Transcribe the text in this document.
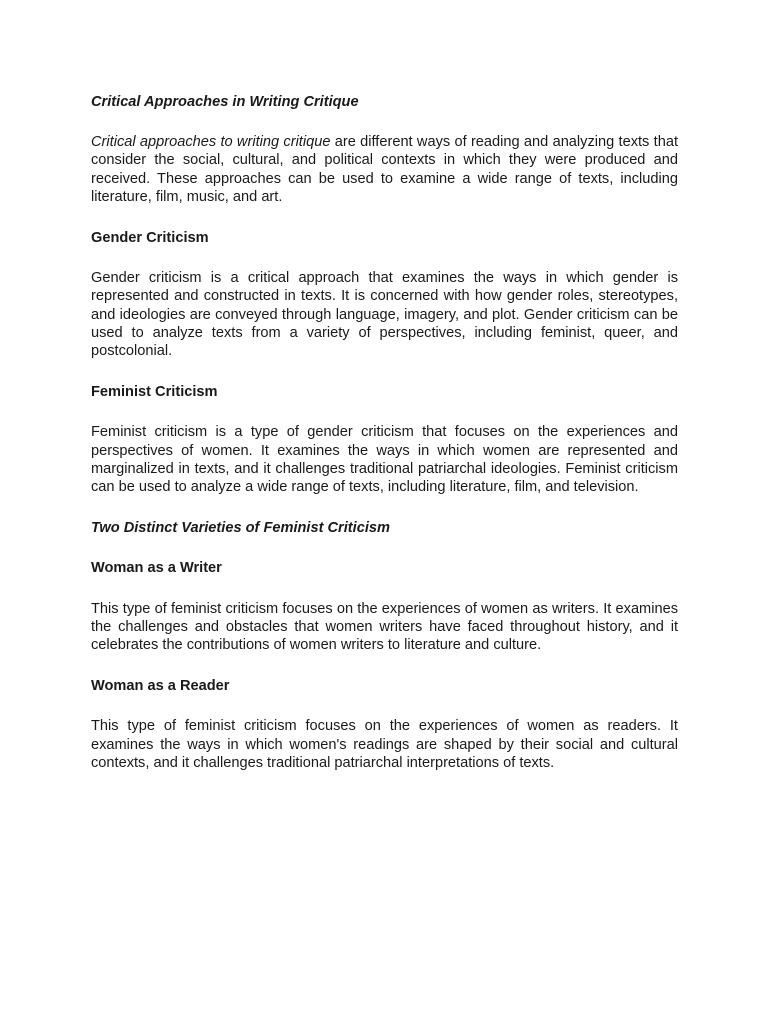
Critical Approaches in Writing Critique

Critical approaches to writing critique are different ways of reading and analyzing texts that consider the social, cultural, and political contexts in which they were produced and received. These approaches can be used to examine a wide range of texts, including literature, film, music, and art.

Gender Criticism

Gender criticism is a critical approach that examines the ways in which gender is represented and constructed in texts. It is concerned with how gender roles, stereotypes, and ideologies are conveyed through language, imagery, and plot. Gender criticism can be used to analyze texts from a variety of perspectives, including feminist, queer, and postcolonial.

Feminist Criticism

Feminist criticism is a type of gender criticism that focuses on the experiences and perspectives of women. It examines the ways in which women are represented and marginalized in texts, and it challenges traditional patriarchal ideologies. Feminist criticism can be used to analyze a wide range of texts, including literature, film, and television.

Two Distinct Varieties of Feminist Criticism
Woman as a Writer

This type of feminist criticism focuses on the experiences of women as writers. It examines the challenges and obstacles that women writers have faced throughout history, and it celebrates the contributions of women writers to literature and culture.

Woman as a Reader

This type of feminist criticism focuses on the experiences of women as readers. It examines the ways in which women's readings are shaped by their social and cultural contexts, and it challenges traditional patriarchal interpretations of texts.
